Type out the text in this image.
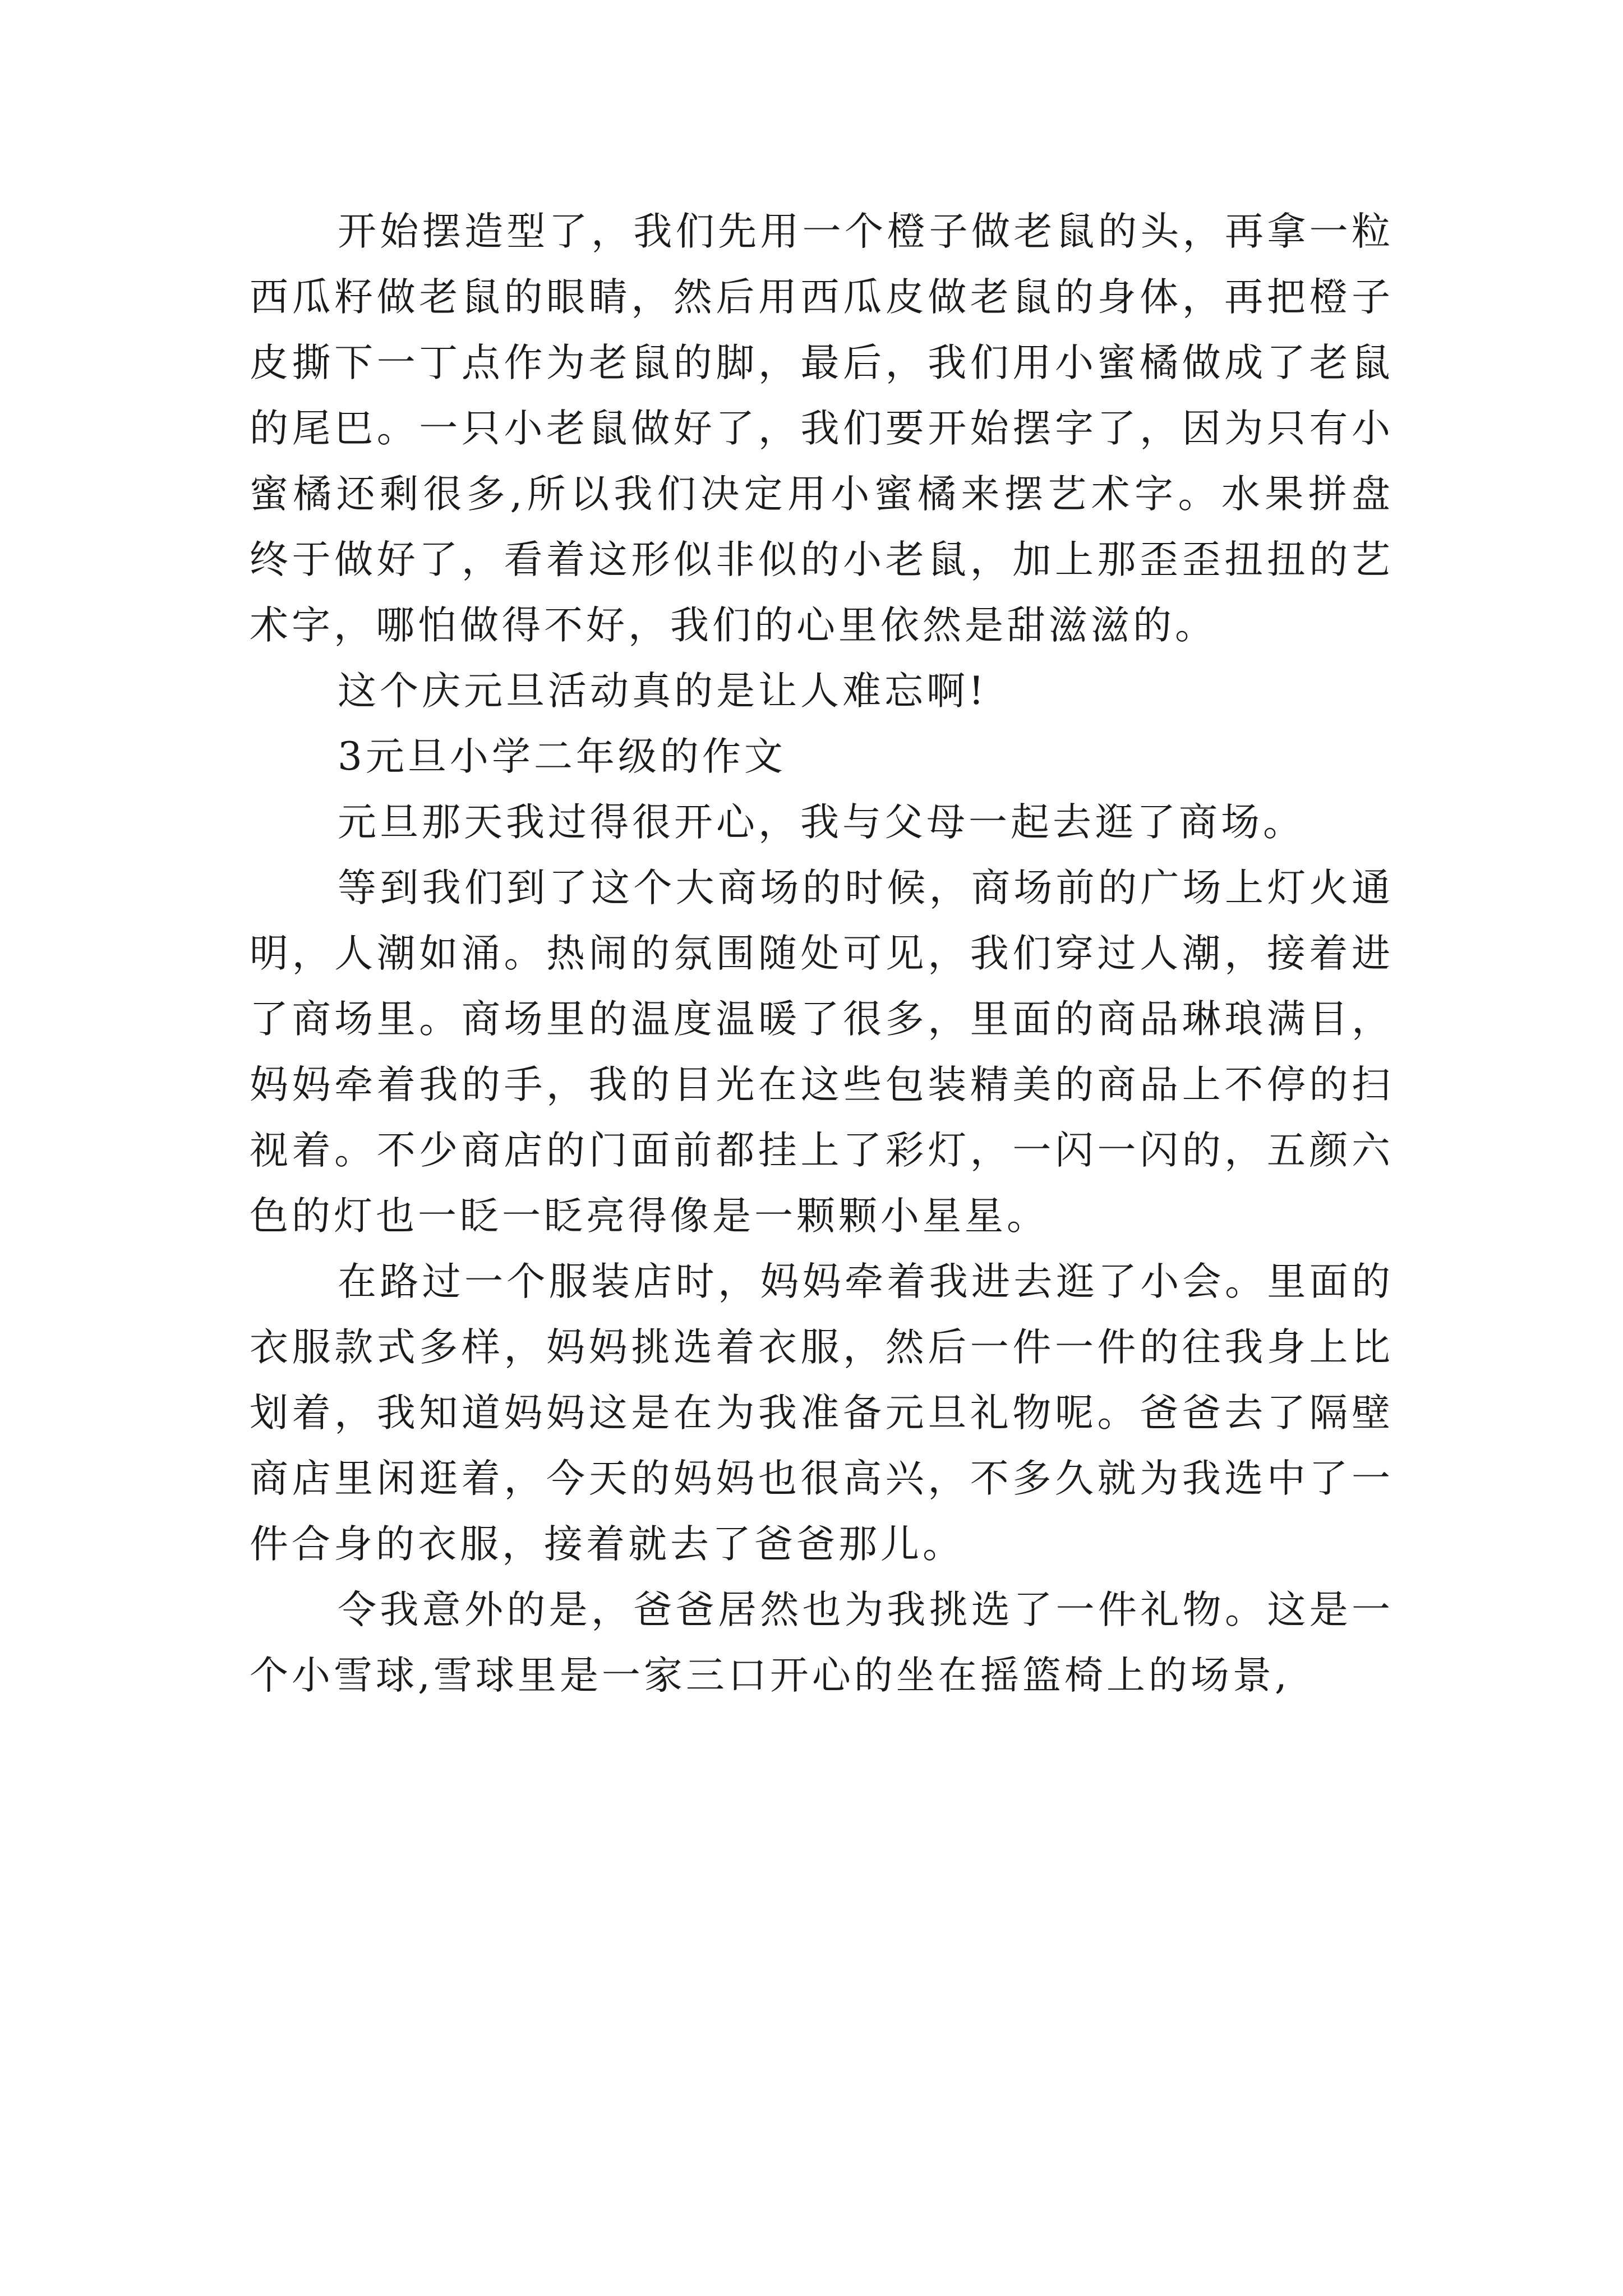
开始摆造型了，我们先用一个橙子做老鼠的头，再拿一粒西瓜籽做老鼠的眼睛，然后用西瓜皮做老鼠的身体，再把橙子皮撕下一丁点作为老鼠的脚，最后，我们用小蜜橘做成了老鼠的尾巴。一只小老鼠做好了，我们要开始摆字了，因为只有小蜜橘还剩很多,所以我们决定用小蜜橘来摆艺术字。水果拼盘终于做好了，看着这形似非似的小老鼠，加上那歪歪扭扭的艺术字，哪怕做得不好，我们的心里依然是甜滋滋的。

这个庆元旦活动真的是让人难忘啊!

3元旦小学二年级的作文

元旦那天我过得很开心，我与父母一起去逛了商场。

等到我们到了这个大商场的时候，商场前的广场上灯火通明，人潮如涌。热闹的氛围随处可见，我们穿过人潮，接着进了商场里。商场里的温度温暖了很多，里面的商品琳琅满目，妈妈牵着我的手，我的目光在这些包装精美的商品上不停的扫视着。不少商店的门面前都挂上了彩灯，一闪一闪的，五颜六色的灯也一眨一眨亮得像是一颗颗小星星。

在路过一个服装店时，妈妈牵着我进去逛了小会。里面的衣服款式多样，妈妈挑选着衣服，然后一件一件的往我身上比划着，我知道妈妈这是在为我准备元旦礼物呢。爸爸去了隔壁商店里闲逛着，今天的妈妈也很高兴，不多久就为我选中了一件合身的衣服，接着就去了爸爸那儿。

令我意外的是，爸爸居然也为我挑选了一件礼物。这是一个小雪球,雪球里是一家三口开心的坐在摇篮椅上的场景,
